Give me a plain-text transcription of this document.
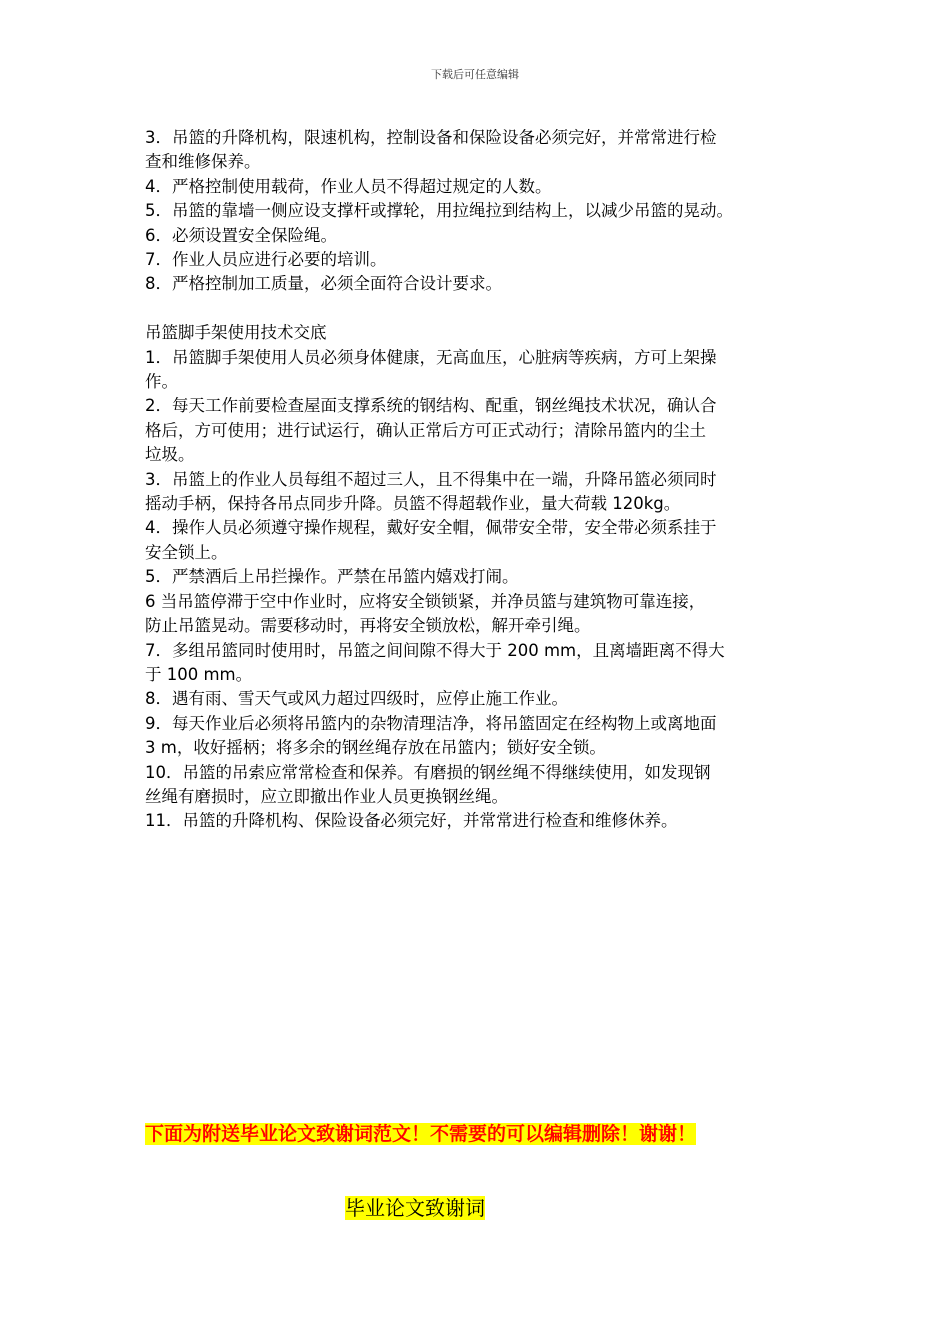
下载后可任意编辑
3．吊篮的升降机构，限速机构，控制设备和保险设备必须完好，并常常进行检
查和维修保养。
4．严格控制使用载荷，作业人员不得超过规定的人数。
5．吊篮的靠墙一侧应设支撑杆或撑轮，用拉绳拉到结构上，以减少吊篮的晃动。
6．必须设置安全保险绳。
7．作业人员应进行必要的培训。
8．严格控制加工质量，必须全面符合设计要求。
吊篮脚手架使用技术交底
1．吊篮脚手架使用人员必须身体健康，无高血压，心脏病等疾病，方可上架操
作。
2．每天工作前要检查屋面支撑系统的钢结构、配重，钢丝绳技术状况，确认合
格后，方可使用；进行试运行，确认正常后方可正式动行；清除吊篮内的尘土
垃圾。
3．吊篮上的作业人员每组不超过三人，且不得集中在一端，升降吊篮必须同时
摇动手柄，保持各吊点同步升降。员篮不得超载作业，量大荷载 120kg。
4．操作人员必须遵守操作规程，戴好安全帽，佩带安全带，安全带必须系挂于
安全锁上。
5．严禁酒后上吊拦操作。严禁在吊篮内嬉戏打闹。
6 当吊篮停滞于空中作业时，应将安全锁锁紧，并净员篮与建筑物可靠连接，
防止吊篮晃动。需要移动时，再将安全锁放松，解开牵引绳。
7．多组吊篮同时使用时，吊篮之间间隙不得大于 200 mm，且离墙距离不得大
于 100 mm。
8．遇有雨、雪天气或风力超过四级时，应停止施工作业。
9．每天作业后必须将吊篮内的杂物清理洁净，将吊篮固定在经构物上或离地面
3 m，收好摇柄；将多余的钢丝绳存放在吊篮内；锁好安全锁。
10．吊篮的吊索应常常检查和保养。有磨损的钢丝绳不得继续使用，如发现钢
丝绳有磨损时，应立即撤出作业人员更换钢丝绳。
11．吊篮的升降机构、保险设备必须完好，并常常进行检查和维修休养。
下面为附送毕业论文致谢词范文！不需要的可以编辑删除！谢谢！
毕业论文致谢词
